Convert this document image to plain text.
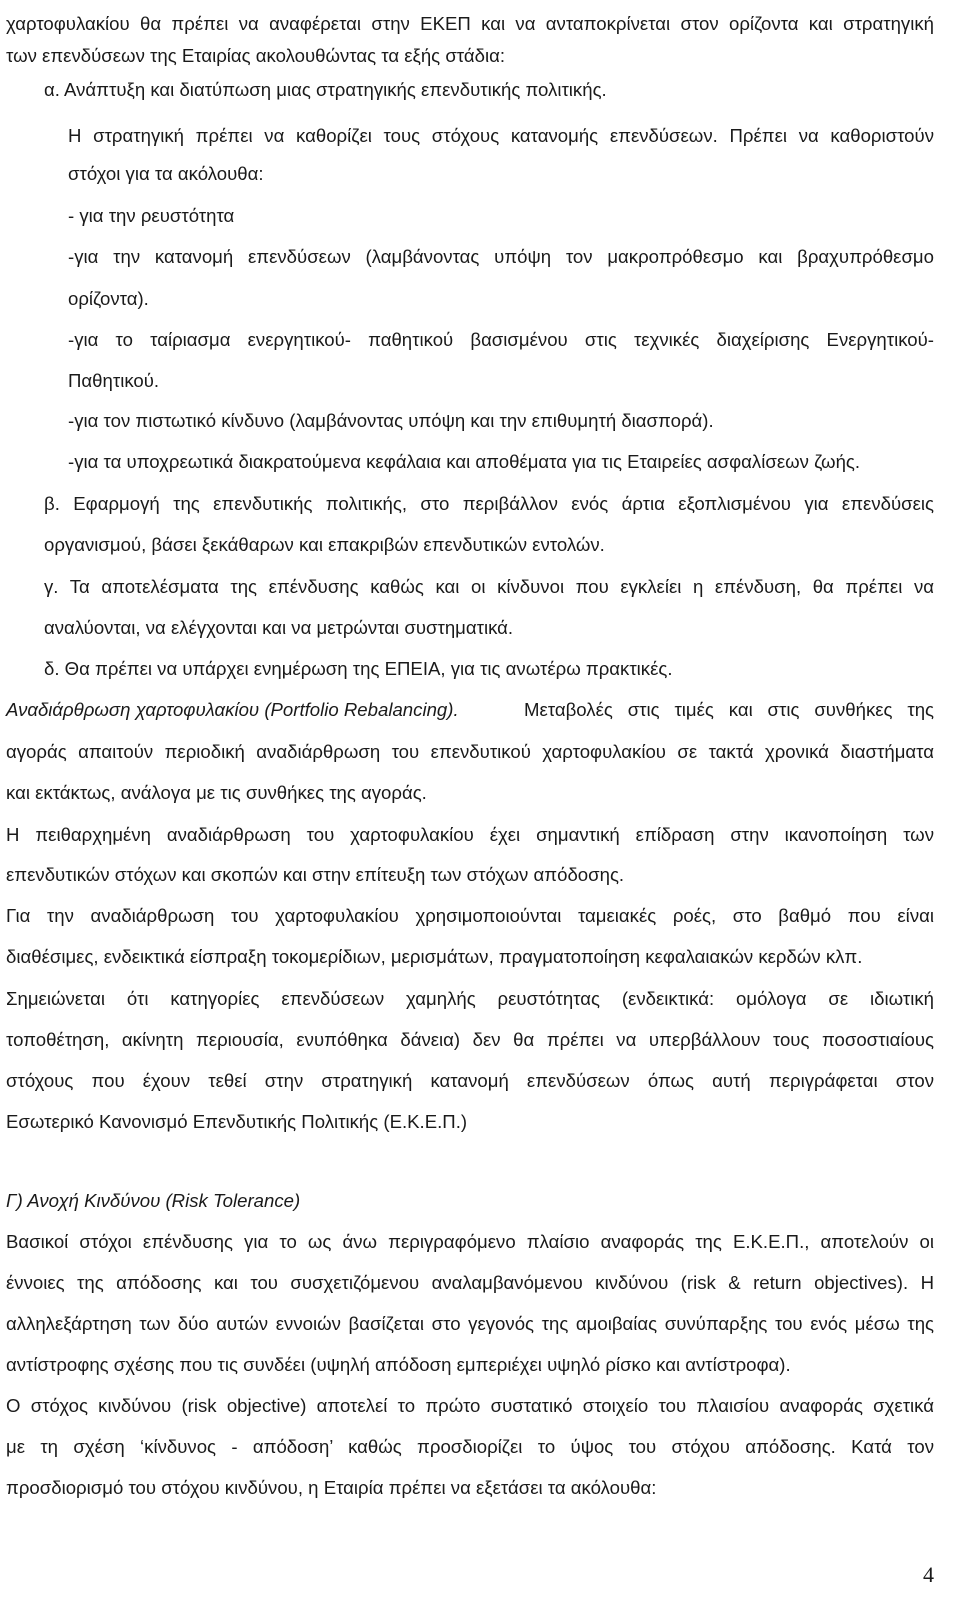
χαρτοφυλακίου θα πρέπει να αναφέρεται στην ΕΚΕΠ και να ανταποκρίνεται στον ορίζοντα και στρατηγική

των επενδύσεων της Εταιρίας ακολουθώντας τα εξής στάδια:

α. Ανάπτυξη και διατύπωση μιας στρατηγικής επενδυτικής πολιτικής.

Η στρατηγική πρέπει να καθορίζει τους στόχους κατανομής επενδύσεων. Πρέπει να καθοριστούν

στόχοι για τα ακόλουθα:

- για την ρευστότητα

-για την κατανομή επενδύσεων (λαμβάνοντας υπόψη τον μακροπρόθεσμο και βραχυπρόθεσμο

ορίζοντα).

-για το ταίριασμα ενεργητικού- παθητικού βασισμένου στις τεχνικές διαχείρισης Ενεργητικού-

Παθητικού.

-για τον πιστωτικό κίνδυνο (λαμβάνοντας υπόψη και την επιθυμητή διασπορά).

-για τα υποχρεωτικά διακρατούμενα κεφάλαια και αποθέματα για τις Εταιρείες ασφαλίσεων ζωής.

β. Εφαρμογή της επενδυτικής πολιτικής, στο περιβάλλον ενός άρτια εξοπλισμένου για επενδύσεις

οργανισμού, βάσει ξεκάθαρων και επακριβών επενδυτικών εντολών.

γ. Τα αποτελέσματα της επένδυσης καθώς και οι κίνδυνοι που εγκλείει η επένδυση, θα πρέπει να

αναλύονται, να ελέγχονται και να μετρώνται συστηματικά.

δ. Θα πρέπει να υπάρχει ενημέρωση της ΕΠΕΙΑ, για τις ανωτέρω πρακτικές.

Αναδιάρθρωση χαρτοφυλακίου (Portfolio Rebalancing).	Μεταβολές στις τιμές και στις συνθήκες της

αγοράς απαιτούν περιοδική αναδιάρθρωση του επενδυτικού χαρτοφυλακίου σε τακτά χρονικά διαστήματα

και εκτάκτως, ανάλογα με τις συνθήκες της αγοράς.

Η πειθαρχημένη αναδιάρθρωση του χαρτοφυλακίου έχει σημαντική επίδραση στην ικανοποίηση των

επενδυτικών στόχων και σκοπών και στην επίτευξη των στόχων απόδοσης.

Για την αναδιάρθρωση του χαρτοφυλακίου χρησιμοποιούνται ταμειακές ροές, στο βαθμό που είναι

διαθέσιμες, ενδεικτικά είσπραξη τοκομερίδιων, μερισμάτων, πραγματοποίηση κεφαλαιακών κερδών κλπ.

Σημειώνεται ότι κατηγορίες επενδύσεων χαμηλής ρευστότητας (ενδεικτικά: ομόλογα σε ιδιωτική

τοποθέτηση, ακίνητη περιουσία, ενυπόθηκα δάνεια) δεν θα πρέπει να υπερβάλλουν τους ποσοστιαίους

στόχους που έχουν τεθεί στην στρατηγική κατανομή επενδύσεων όπως αυτή περιγράφεται στον

Εσωτερικό Κανονισμό Επενδυτικής Πολιτικής (Ε.Κ.Ε.Π.)

Γ) Ανοχή Κινδύνου (Risk Tolerance)

Βασικοί στόχοι επένδυσης για το ως άνω περιγραφόμενο πλαίσιο αναφοράς της Ε.Κ.Ε.Π., αποτελούν οι

έννοιες της απόδοσης και του συσχετιζόμενου αναλαμβανόμενου κινδύνου (risk & return objectives). Η

αλληλεξάρτηση των δύο αυτών εννοιών βασίζεται στο γεγονός της αμοιβαίας συνύπαρξης του ενός μέσω της

αντίστροφης σχέσης που τις συνδέει (υψηλή απόδοση εμπεριέχει υψηλό ρίσκο και αντίστροφα).

Ο στόχος κινδύνου (risk objective) αποτελεί το πρώτο συστατικό στοιχείο του πλαισίου αναφοράς σχετικά

με τη σχέση ‘κίνδυνος - απόδοση’ καθώς προσδιορίζει το ύψος του στόχου απόδοσης. Κατά τον

προσδιορισμό του στόχου κινδύνου, η Εταιρία πρέπει να εξετάσει τα ακόλουθα:

4
